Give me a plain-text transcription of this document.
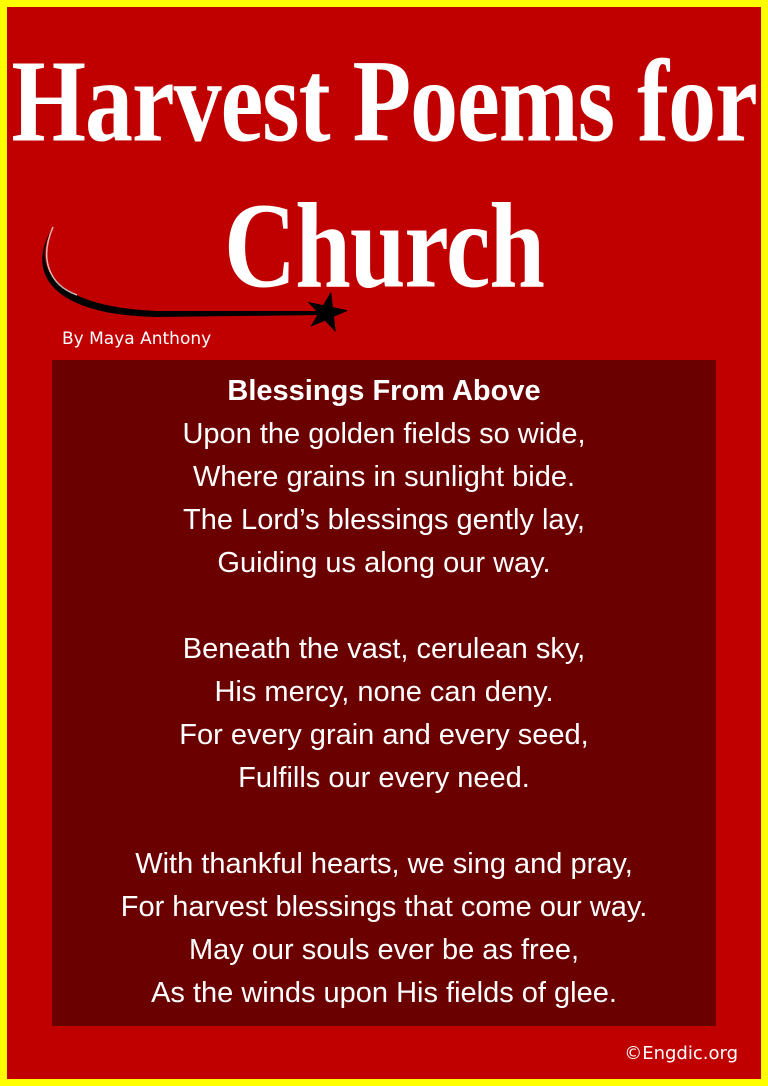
Harvest Poems for
Church
By Maya Anthony
Blessings From Above
Upon the golden fields so wide,
Where grains in sunlight bide.
The Lord’s blessings gently lay,
Guiding us along our way.
Beneath the vast, cerulean sky,
His mercy, none can deny.
For every grain and every seed,
Fulfills our every need.
With thankful hearts, we sing and pray,
For harvest blessings that come our way.
May our souls ever be as free,
As the winds upon His fields of glee.
©Engdic.org
